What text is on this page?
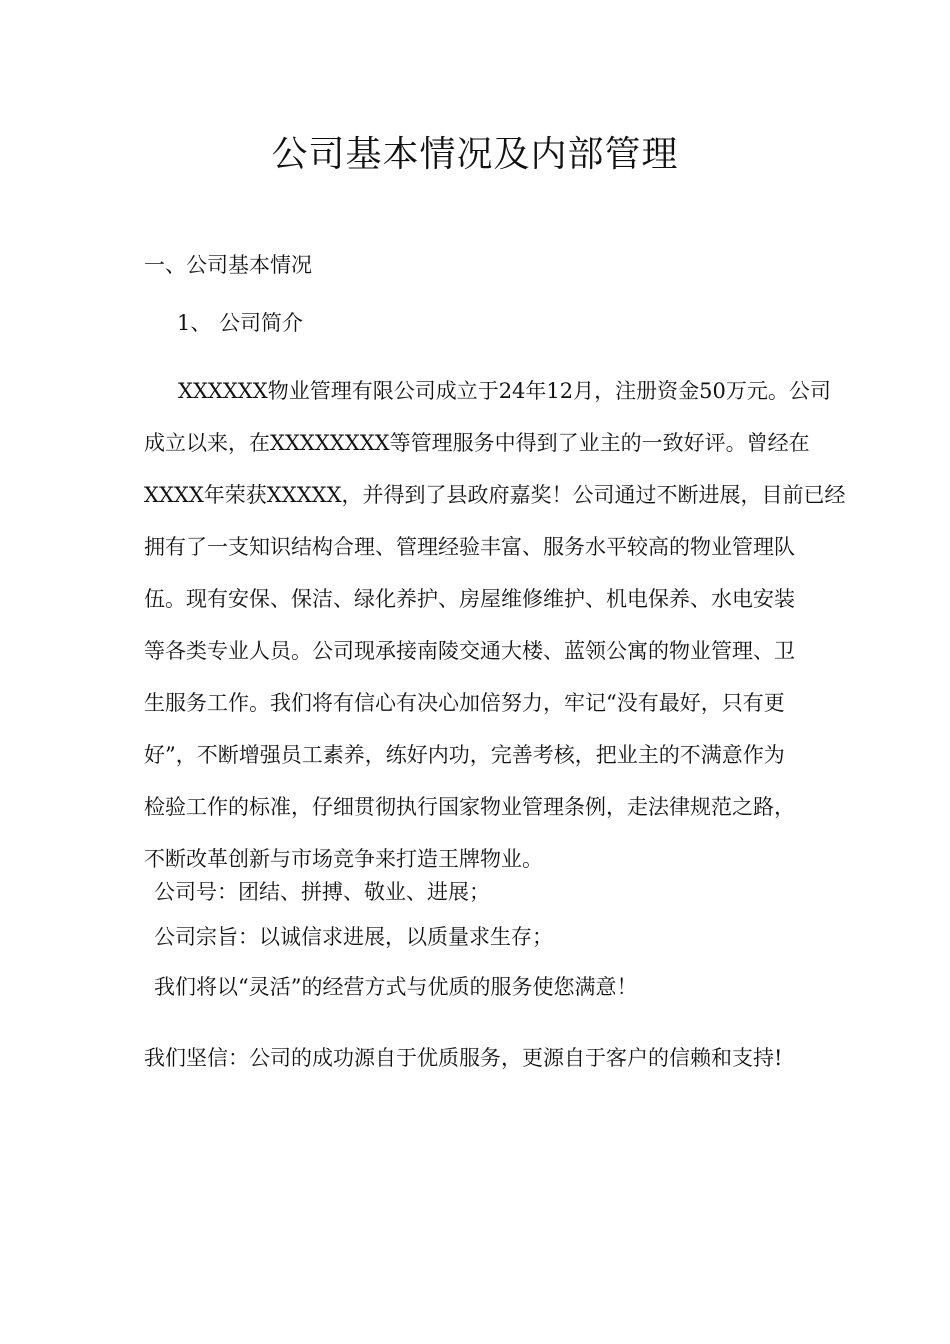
公司基本情况及内部管理
一、公司基本情况
1、 公司简介
XXXXXX物业管理有限公司成立于24年12月，注册资金50万元。公司
成立以来，在XXXXXXXX等管理服务中得到了业主的一致好评。曾经在
XXXX年荣获XXXXX，并得到了县政府嘉奖！公司通过不断进展，目前已经
拥有了一支知识结构合理、管理经验丰富、服务水平较高的物业管理队
伍。现有安保、保洁、绿化养护、房屋维修维护、机电保养、水电安装
等各类专业人员。公司现承接南陵交通大楼、蓝领公寓的物业管理、卫
生服务工作。我们将有信心有决心加倍努力，牢记“没有最好，只有更
好”，不断增强员工素养，练好内功，完善考核，把业主的不满意作为
检验工作的标准，仔细贯彻执行国家物业管理条例，走法律规范之路，
不断改革创新与市场竞争来打造王牌物业。
公司号：团结、拼搏、敬业、进展；
公司宗旨：以诚信求进展，以质量求生存；
我们将以“灵活”的经营方式与优质的服务使您满意！
我们坚信：公司的成功源自于优质服务，更源自于客户的信赖和支持!
